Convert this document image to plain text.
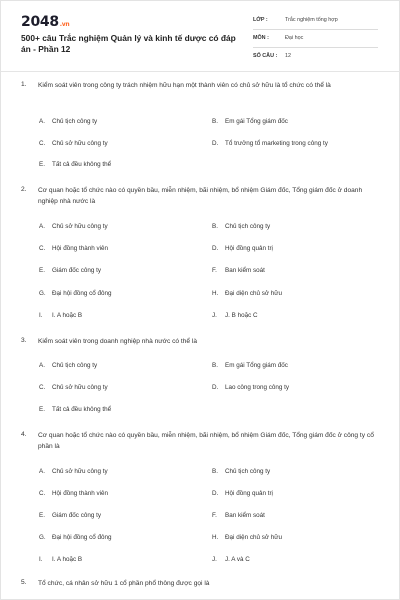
2048.vn
500+ câu Trắc nghiệm Quản lý và kinh tế dược có đáp án - Phần 12
LỚP :	Trắc nghiệm tổng hợp
MÔN :	Đại học
SỐ CÂU : 12
1. Kiểm soát viên trong công ty trách nhiệm hữu hạn một thành viên có chủ sở hữu là tổ chức có thể là
A. Chủ tịch công ty	B. Em gái Tổng giám đốc
C. Chủ sở hữu công ty	D. Tổ trưởng tổ marketing trong công ty
E. Tất cả đều không thể
2. Cơ quan hoặc tổ chức nào có quyền bầu, miễn nhiệm, bãi nhiệm, bổ nhiệm Giám đốc, Tổng giám đốc ở doanh nghiệp nhà nước là
A. Chủ sở hữu công ty	B. Chủ tịch công ty
C. Hội đồng thành viên	D. Hội đồng quản trị
E. Giám đốc công ty	F. Ban kiểm soát
G. Đại hội đồng cổ đông	H. Đại diện chủ sở hữu
I. I. A hoặc B	J. J. B hoặc C
3. Kiểm soát viên trong doanh nghiệp nhà nước có thể là
A. Chủ tịch công ty	B. Em gái Tổng giám đốc
C. Chủ sở hữu công ty	D. Lao công trong công ty
E. Tất cả đều không thể
4. Cơ quan hoặc tổ chức nào có quyền bầu, miễn nhiệm, bãi nhiệm, bổ nhiệm Giám đốc, Tổng giám đốc ở công ty cổ phần là
A. Chủ sở hữu công ty	B. Chủ tịch công ty
C. Hội đồng thành viên	D. Hội đồng quản trị
E. Giám đốc công ty	F. Ban kiểm soát
G. Đại hội đồng cổ đông	H. Đại diện chủ sở hữu
I. I. A hoặc B	J. J. A và C
5. Tổ chức, cá nhân sở hữu 1 cổ phần phổ thông được gọi là
